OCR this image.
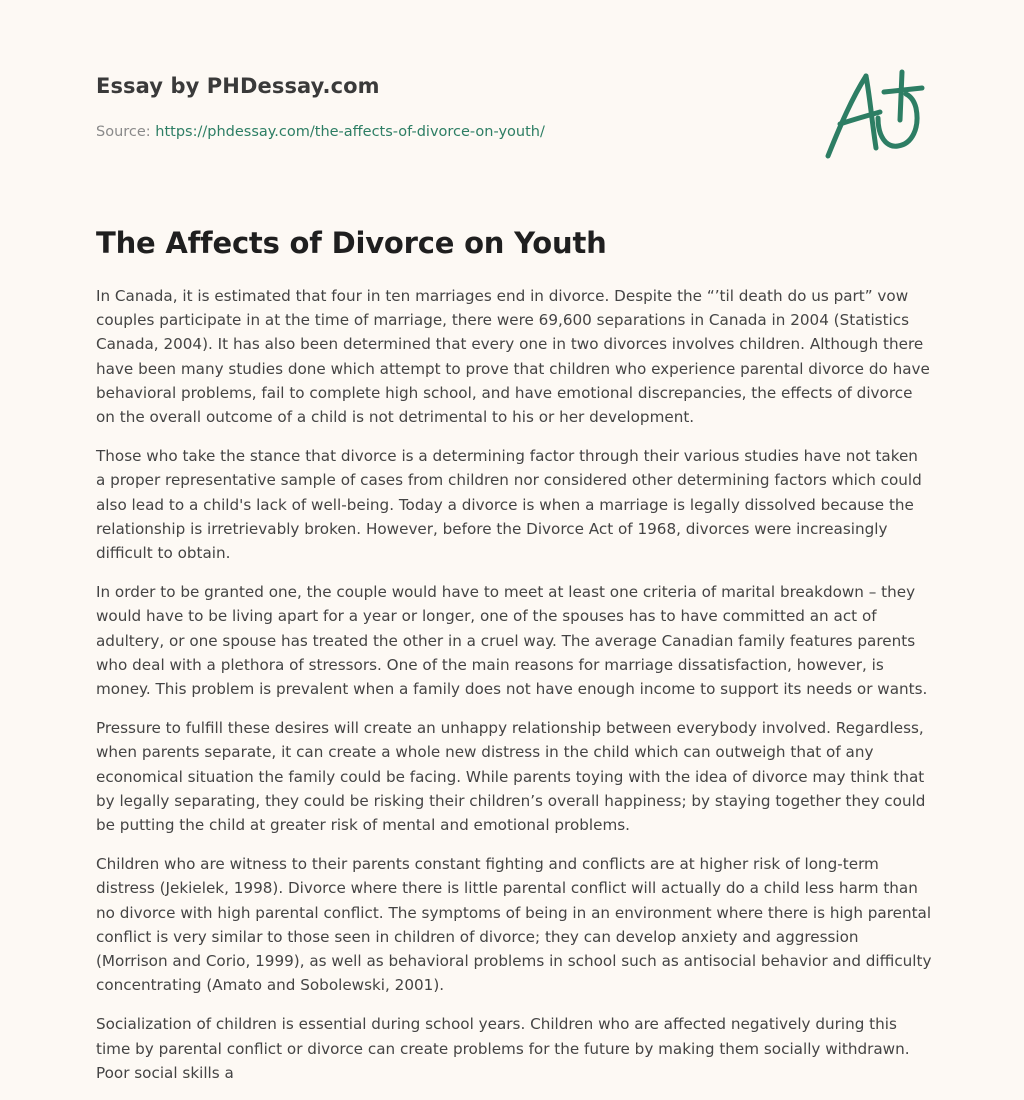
Essay by PHDessay.com
Source: https://phdessay.com/the-affects-of-divorce-on-youth/
The Affects of Divorce on Youth

In Canada, it is estimated that four in ten marriages end in divorce. Despite the “’til death do us part” vow couples participate in at the time of marriage, there were 69,600 separations in Canada in 2004 (Statistics Canada, 2004). It has also been determined that every one in two divorces involves children. Although there have been many studies done which attempt to prove that children who experience parental divorce do have behavioral problems, fail to complete high school, and have emotional discrepancies, the effects of divorce on the overall outcome of a child is not detrimental to his or her development.

Those who take the stance that divorce is a determining factor through their various studies have not taken a proper representative sample of cases from children nor considered other determining factors which could also lead to a child's lack of well-being. Today a divorce is when a marriage is legally dissolved because the relationship is irretrievably broken. However, before the Divorce Act of 1968, divorces were increasingly difficult to obtain.

In order to be granted one, the couple would have to meet at least one criteria of marital breakdown – they would have to be living apart for a year or longer, one of the spouses has to have committed an act of adultery, or one spouse has treated the other in a cruel way. The average Canadian family features parents who deal with a plethora of stressors. One of the main reasons for marriage dissatisfaction, however, is money. This problem is prevalent when a family does not have enough income to support its needs or wants.

Pressure to fulfill these desires will create an unhappy relationship between everybody involved. Regardless, when parents separate, it can create a whole new distress in the child which can outweigh that of any economical situation the family could be facing. While parents toying with the idea of divorce may think that by legally separating, they could be risking their children’s overall happiness; by staying together they could be putting the child at greater risk of mental and emotional problems.

Children who are witness to their parents constant fighting and conflicts are at higher risk of long-term distress (Jekielek, 1998). Divorce where there is little parental conflict will actually do a child less harm than no divorce with high parental conflict. The symptoms of being in an environment where there is high parental conflict is very similar to those seen in children of divorce; they can develop anxiety and aggression (Morrison and Corio, 1999), as well as behavioral problems in school such as antisocial behavior and difficulty concentrating (Amato and Sobolewski, 2001).

Socialization of children is essential during school years. Children who are affected negatively during this time by parental conflict or divorce can create problems for the future by making them socially withdrawn. Poor social skills a
